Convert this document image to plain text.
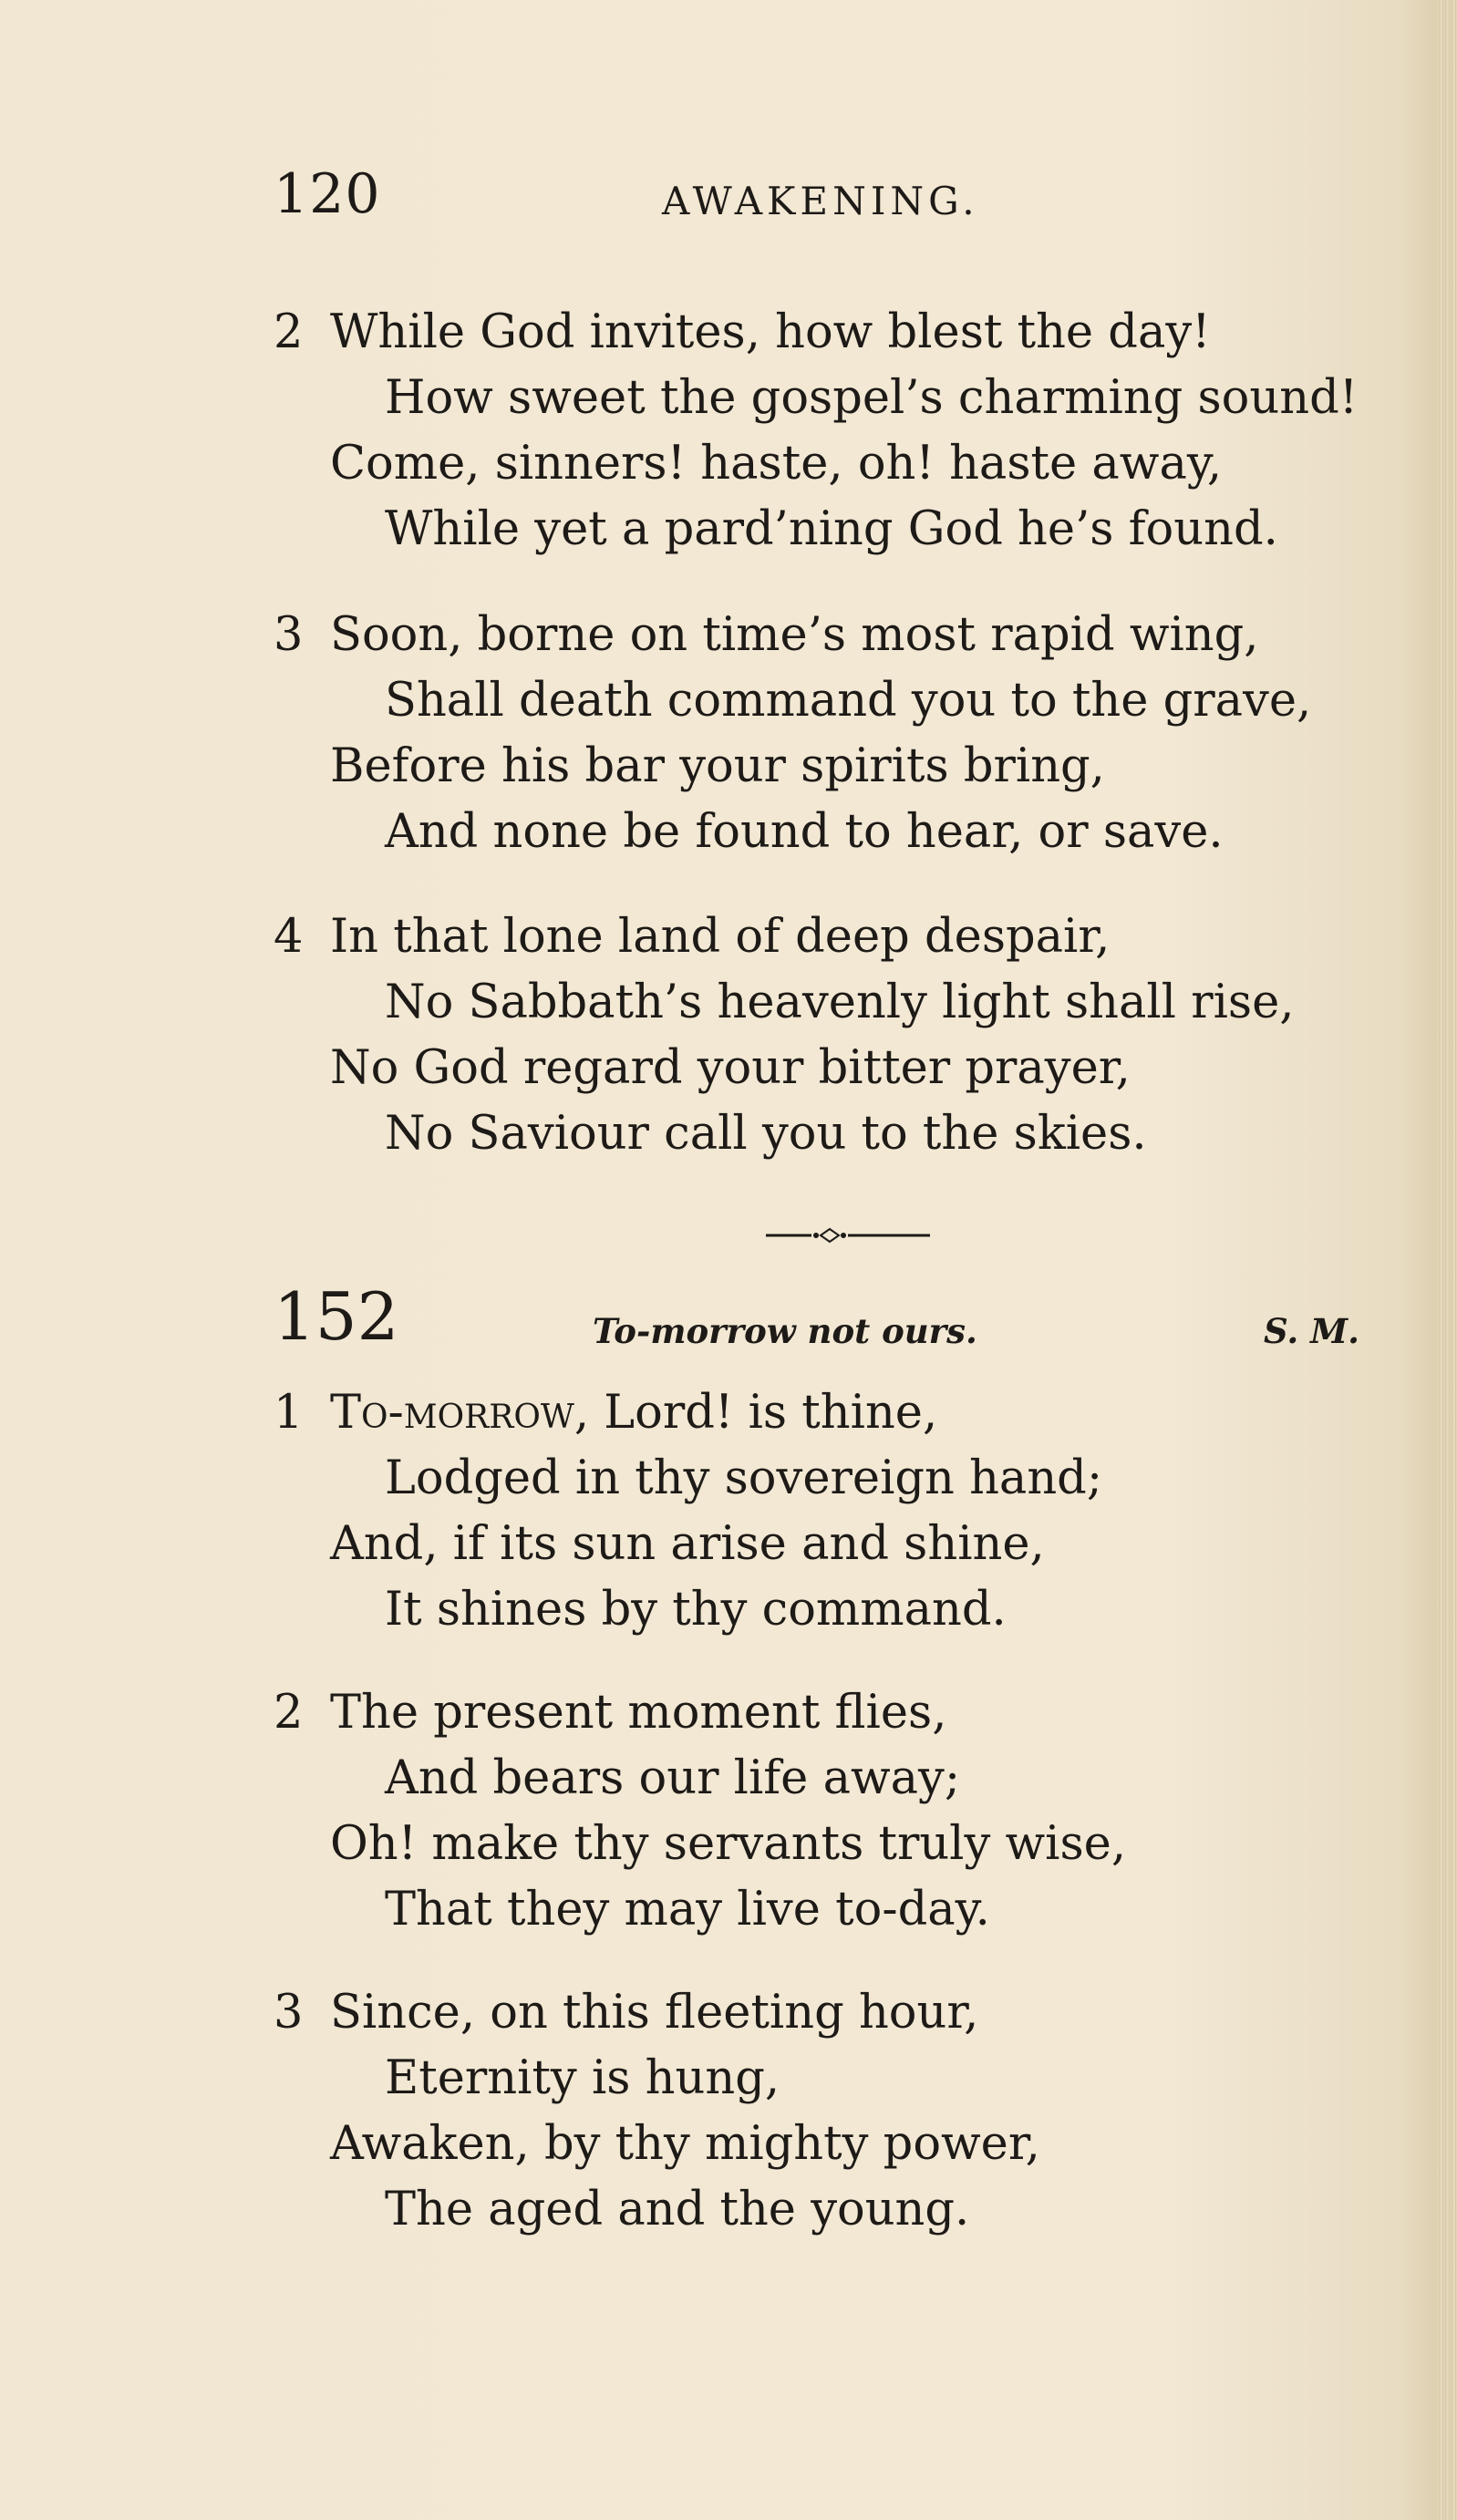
120	AWAKENING.
2 While God invites, how blest the day!
How sweet the gospel’s charming sound!
Come, sinners! haste, oh! haste away,
While yet a pard’ning God he’s found.
3 Soon, borne on time’s most rapid wing,
Shall death command you to the grave,
Before his bar your spirits bring,
And none be found to hear, or save.
4 In that lone land of deep despair,
No Sabbath’s heavenly light shall rise,
No God regard your bitter prayer,
No Saviour call you to the skies.
152	To-morrow not ours.	S. M.
1 To-morrow, Lord! is thine,
Lodged in thy sovereign hand;
And, if its sun arise and shine,
It shines by thy command.
2 The present moment flies,
And bears our life away;
Oh! make thy servants truly wise,
That they may live to-day.
3 Since, on this fleeting hour,
Eternity is hung,
Awaken, by thy mighty power,
The aged and the young.
